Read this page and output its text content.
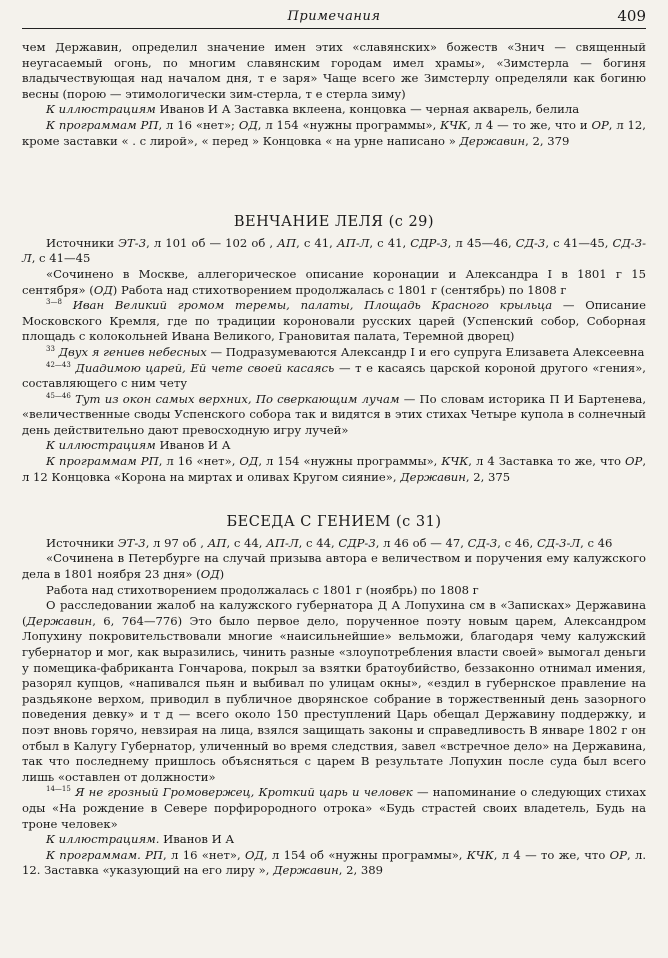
Примечания	409

чем Державин, определил значение имен этих «славянских» божеств «Знич — священный неугасаемый огонь, по многим славянским городам имел храмы», «Зимстерла — богиня владычествующая над началом дня, т е заря» Чаще всего же Зимстерлу определяли как богиню весны (порою — этимологически зим-стерла, т е стерла зиму)

К иллюстрациям Иванов И А Заставка вклеена, концовка — черная акварель, белила

К программам РП, л 16 «нет»; ОД, л 154 «нужны программы», КЧК, л 4 — то же, что и ОР, л 12, кроме заставки « . с лирой», « перед » Концовка « на урне написано » Державин, 2, 379

ВЕНЧАНИЕ ЛЕЛЯ (с 29)

Источники ЭТ-3, л 101 об — 102 об , АП, с 41, АП-Л, с 41, СДР-3, л 45—46, СД-3, с 41—45, СД-3-Л, с 41—45

«Сочинено в Москве, аллегорическое описание коронации и Александра I в 1801 г 15 сентября» (ОД) Работа над стихотворением продолжалась с 1801 г (сентябрь) по 1808 г

$^{3—8}$ Иван Великий громом теремы, палаты, Площадь Красного крыльца — Описание Московского Кремля, где по традиции короновали русских царей (Успенский собор, Соборная площадь с колокольней Ивана Великого, Грановитая палата, Теремной дворец)

$^{33}$ Двух я гениев небесных — Подразумеваются Александр I и его супруга Елизавета Алексеевна

$^{42—43}$ Диадимою царей, Ей чете своей касаясь — т е касаясь царской короной другого «гения», составляющего с ним чету

$^{45—46}$ Тут из окон самых верхних, По сверкающим лучам — По словам историка П И Бартенева, «величественные своды Успенского собора так и видятся в этих стихах Четыре купола в солнечный день действительно дают превосходную игру лучей»

К иллюстрациям Иванов И А

К программам РП, л 16 «нет», ОД, л 154 «нужны программы», КЧК, л 4 Заставка то же, что ОР, л 12 Концовка «Корона на миртах и оливах Кругом сияние», Державин, 2, 375

БЕСЕДА С ГЕНИЕМ (с 31)

Источники ЭТ-3, л 97 об , АП, с 44, АП-Л, с 44, СДР-3, л 46 об — 47, СД-3, с 46, СД-3-Л, с 46

«Сочинена в Петербурге на случай призыва автора е величеством и поручения ему калужского дела в 1801 ноября 23 дня» (ОД)

Работа над стихотворением продолжалась с 1801 г (ноябрь) по 1808 г

О расследовании жалоб на калужского губернатора Д А Лопухина см в «Записках» Державина (Державин, 6, 764—776) Это было первое дело, порученное поэту новым царем, Александром Лопухину покровительствовали многие «наисильнейшие» вельможи, благодаря чему калужский губернатор и мог, как выразились, чинить разные «злоупотребления власти своей» вымогал деньги у помещика-фабриканта Гончарова, покрыл за взятки братоубийство, беззаконно отнимал имения, разорял купцов, «напивался пьян и выбивал по улицам окны», «ездил в губернское правление на раздьяконе верхом, приводил в публичное дворянское собрание в торжественный день зазорного поведения девку» и т д — всего около 150 преступлений Царь обещал Державину поддержку, и поэт вновь горячо, невзирая на лица, взялся защищать законы и справедливость В январе 1802 г он отбыл в Калугу Губернатор, уличенный во время следствия, завел «встречное дело» на Державина, так что последнему пришлось объясняться с царем В результате Лопухин после суда был всего лишь «оставлен от должности»

$^{14—15}$ Я не грозный Громовержец, Кроткий царь и человек — напоминание о следующих стихах оды «На рождение в Севере порфирородного отрока» «Будь страстей своих владетель, Будь на троне человек»

К иллюстрациям. Иванов И А

К программам. РП, л 16 «нет», ОД, л 154 об «нужны программы», КЧК, л 4 — то же, что ОР, л. 12. Заставка «указующий на его лиру », Державин, 2, 389
